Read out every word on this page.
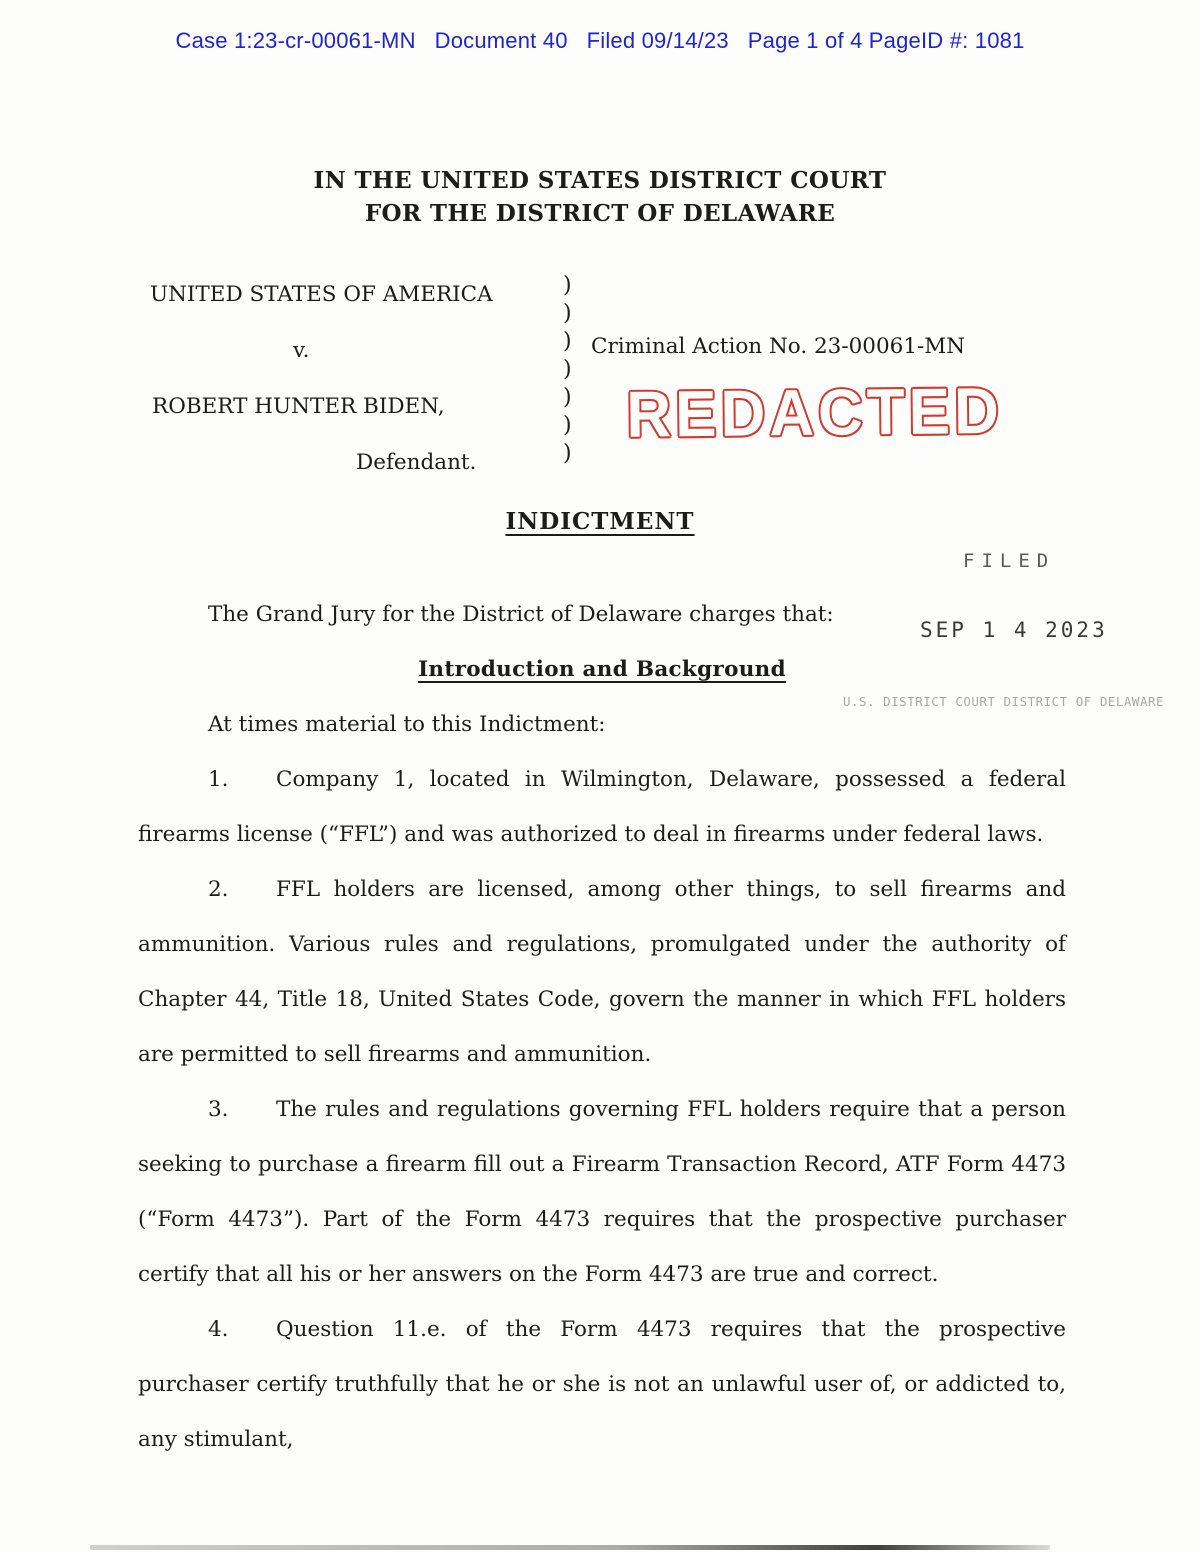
Case 1:23-cr-00061-MN   Document 40   Filed 09/14/23   Page 1 of 4 PageID #: 1081
IN THE UNITED STATES DISTRICT COURT
FOR THE DISTRICT OF DELAWARE
UNITED STATES OF AMERICA
v.
ROBERT HUNTER BIDEN,
Defendant.
)
)
)
)
)
)
)
Criminal Action No. 23-00061-MN
REDACTED
INDICTMENT
FILED
SEP 1 4 2023
U.S. DISTRICT COURT DISTRICT OF DELAWARE
The Grand Jury for the District of Delaware charges that:
Introduction and Background
At times material to this Indictment:

1. Company 1, located in Wilmington, Delaware, possessed a federal firearms license (“FFL”) and was authorized to deal in firearms under federal laws.

2. FFL holders are licensed, among other things, to sell firearms and ammunition. Various rules and regulations, promulgated under the authority of Chapter 44, Title 18, United States Code, govern the manner in which FFL holders are permitted to sell firearms and ammunition.

3. The rules and regulations governing FFL holders require that a person seeking to purchase a firearm fill out a Firearm Transaction Record, ATF Form 4473 (“Form 4473”). Part of the Form 4473 requires that the prospective purchaser certify that all his or her answers on the Form 4473 are true and correct.

4. Question 11.e. of the Form 4473 requires that the prospective purchaser certify truthfully that he or she is not an unlawful user of, or addicted to, any stimulant,
